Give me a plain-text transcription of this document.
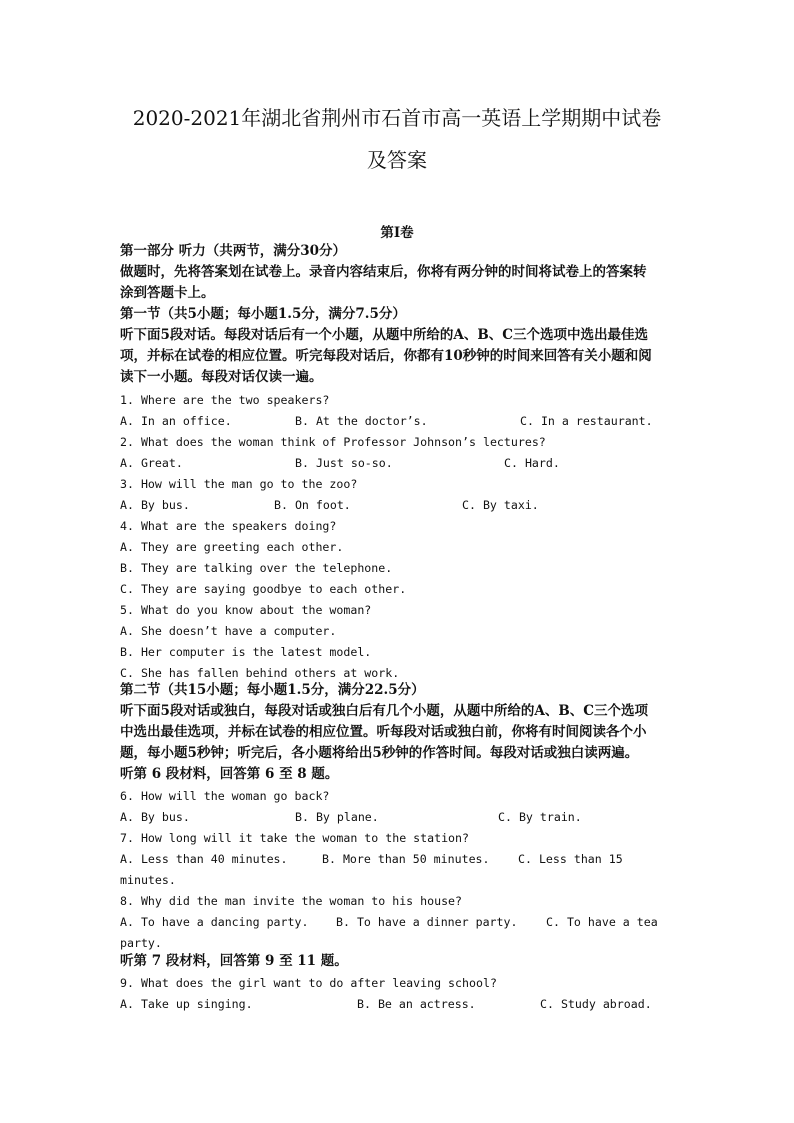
2020-2021年湖北省荆州市石首市高一英语上学期期中试卷
及答案
第Ⅰ卷
第一部分 听力（共两节，满分30分）
做题时，先将答案划在试卷上。录音内容结束后，你将有两分钟的时间将试卷上的答案转
涂到答题卡上。
第一节（共5小题；每小题1.5分，满分7.5分）
听下面5段对话。每段对话后有一个小题，从题中所给的A、B、C三个选项中选出最佳选
项，并标在试卷的相应位置。听完每段对话后，你都有10秒钟的时间来回答有关小题和阅
读下一小题。每段对话仅读一遍。
1. Where are the two speakers?

A. In an office.

	B. At the doctor’s.

	C. In a restaurant.

2. What does the woman think of Professor Johnson’s lectures?

A. Great.

	B. Just so-so.

	C. Hard.

3. How will the man go to the zoo?

A. By bus.

	B. On foot.

	C. By taxi.

4. What are the speakers doing?
A. They are greeting each other.
B. They are talking over the telephone.
C. They are saying goodbye to each other.
5. What do you know about the woman?
A. She doesn’t have a computer.
B. Her computer is the latest model.
C. She has fallen behind others at work.
第二节（共15小题；每小题1.5分，满分22.5分）
听下面5段对话或独白，每段对话或独白后有几个小题，从题中所给的A、B、C三个选项
中选出最佳选项，并标在试卷的相应位置。听每段对话或独白前，你将有时间阅读各个小
题，每小题5秒钟；听完后，各小题将给出5秒钟的作答时间。每段对话或独白读两遍。
听第 6 段材料，回答第 6 至 8 题。
6. How will the woman go back?

A. By bus.

	B. By plane.

	C. By train.

7. How long will it take the woman to the station?

A. Less than 40 minutes.

	B. More than 50 minutes.

C. Less than 15

minutes.
8. Why did the man invite the woman to his house?

A. To have a dancing party.

B. To have a dinner party.

C. To have a tea

party.
听第 7 段材料，回答第 9 至 11 题。
9. What does the girl want to do after leaving school?

A. Take up singing.

	B. Be an actress.

	C. Study abroad.
